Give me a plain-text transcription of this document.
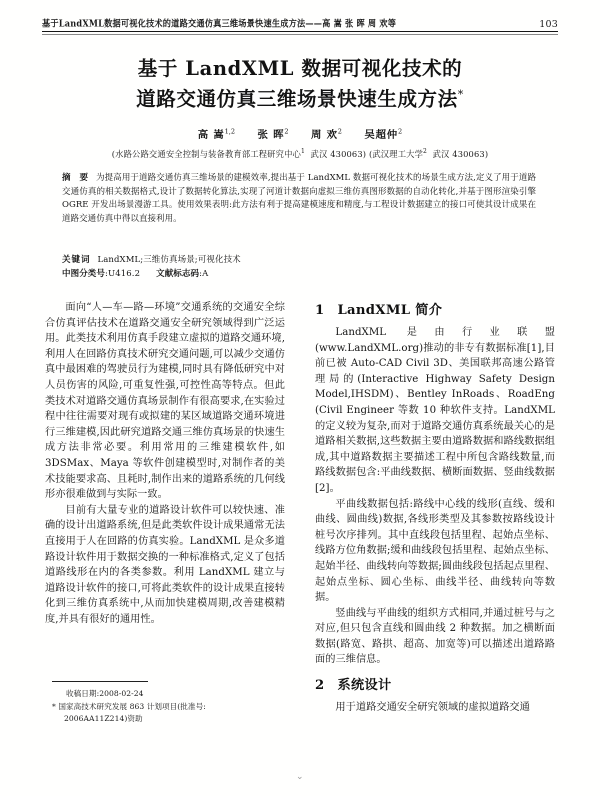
基于LandXML数据可视化技术的道路交通仿真三维场景快速生成方法——高 嵩 张 晖 周 欢等	103
基于 LandXML 数据可视化技术的
道路交通仿真三维场景快速生成方法*
高 嵩$^{1,2}$ 张 晖$^2$ 周 欢$^2$ 吴超仲$^2$
(水路公路交通安全控制与装备教育部工程研究中心$^1$ 武汉 430063) (武汉理工大学$^2$ 武汉 430063)
摘 要 为提高用于道路交通仿真三维场景的建模效率,提出基于 LandXML 数据可视化技术的场景生成方法,定义了用于道路交通仿真的相关数据格式,设计了数据转化算法,实现了河道计数据向虚拟三维仿真图形数据的自动化转化,并基于图形渲染引擎 OGRE 开发出场景漫游工具。使用效果表明:此方法有利于提高建模速度和精度,与工程设计数据建立的接口可使其设计成果在道路交通仿真中得以直接利用。
关键词 LandXML;三维仿真场景;可视化技术
中图分类号:U416.2 文献标志码:A

面向“人—车—路—环境”交通系统的交通安全综合仿真评估技术在道路交通安全研究领域得到广泛运用。此类技术利用仿真手段建立虚拟的道路交通环境,利用人在回路仿真技术研究交通问题,可以减少交通仿真中最困难的驾驶员行为建模,同时具有降低研究中对人员伤害的风险,可重复性强,可控性高等特点。但此类技术对道路交通仿真场景制作有很高要求,在实验过程中往往需要对现有或拟建的某区域道路交通环境进行三维建模,因此研究道路交通三维仿真场景的快速生成方法非常必要。利用常用的三维建模软件,如 3DSMax、Maya 等软件创建模型时,对制作者的美术技能要求高、且耗时,制作出来的道路系统的几何线形亦很难做到与实际一致。

目前有大量专业的道路设计软件可以较快速、准确的设计出道路系统,但是此类软件设计成果通常无法直接用于人在回路的仿真实验。LandXML 是众多道路设计软件用于数据交换的一种标准格式,定义了包括道路线形在内的各类参数。利用 LandXML 建立与道路设计软件的接口,可将此类软件的设计成果直接转化到三维仿真系统中,从而加快建模周期,改善建模精度,并具有很好的通用性。

1 LandXML 简介

LandXML 是由行业联盟(www.LandXML.org)推动的非专有数据标准[1],目前已被 Auto-CAD Civil 3D、美国联邦高速公路管理局的(Interactive Highway Safety Design Model,IHSDM)、Bentley InRoads、RoadEng (Civil Engineer 等数 10 种软件支持。LandXML 的定义较为复杂,而对于道路交通仿真系统最关心的是道路相关数据,这些数据主要由道路数据和路线数据组成,其中道路数据主要描述工程中所包含路线数量,而路线数据包含:平曲线数据、横断面数据、竖曲线数据[2]。

平曲线数据包括:路线中心线的线形(直线、缓和曲线、圆曲线)数据,各线形类型及其参数按路线设计桩号次序排列。其中直线段包括里程、起始点坐标、线路方位角数据;缓和曲线段包括里程、起始点坐标、起始半径、曲线转向等数据;圆曲线段包括起点里程、起始点坐标、圆心坐标、曲线半径、曲线转向等数据。

竖曲线与平曲线的组织方式相同,并通过桩号与之对应,但只包含直线和圆曲线 2 种数据。加之横断面数据(路宽、路拱、超高、加宽等)可以描述出道路路面的三维信息。

2 系统设计

用于道路交通安全研究领域的虚拟道路交通

收稿日期:2008-02-24
* 国家高技术研究发展 863 计划项目(批准号:
2006AA11Z214)资助
⌄
